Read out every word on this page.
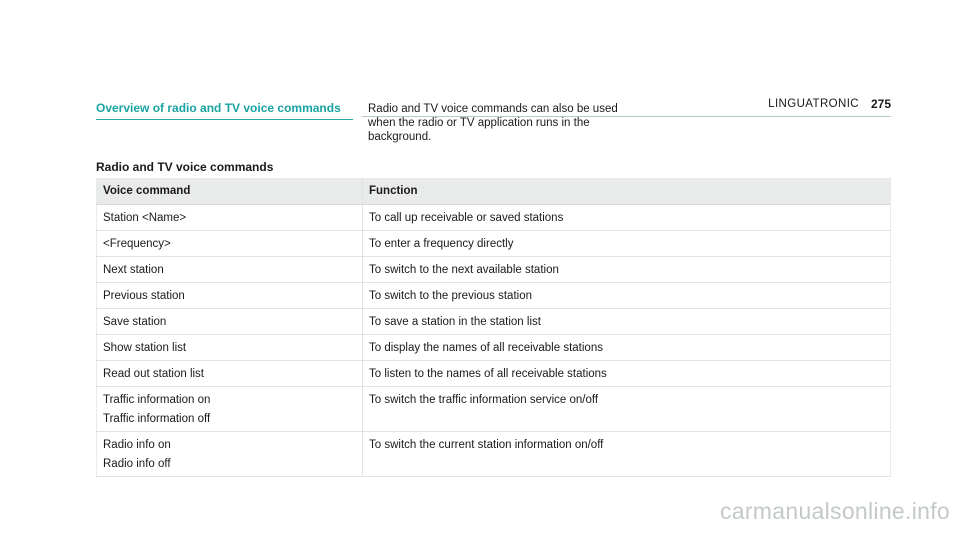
LINGUATRONIC 275
Overview of radio and TV voice commands	Radio and TV voice commands can also be used when the radio or TV application runs in the background.
Radio and TV voice commands
Voice command	Function
Station <Name>	To call up receivable or saved stations
<Frequency>	To enter a frequency directly
Next station	To switch to the next available station
Previous station	To switch to the previous station
Save station	To save a station in the station list
Show station list	To display the names of all receivable stations
Read out station list	To listen to the names of all receivable stations
Traffic information on
Traffic information off	To switch the traffic information service on/off
Radio info on
Radio info off	To switch the current station information on/off
carmanualsonline.info
